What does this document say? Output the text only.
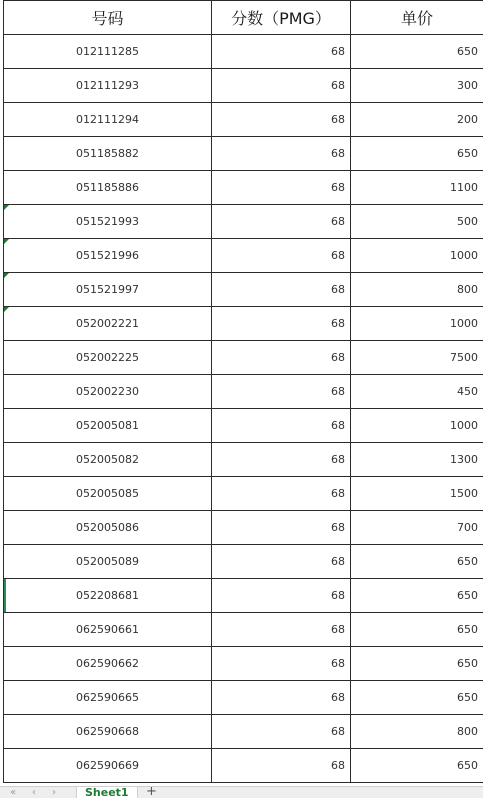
号码	分数（PMG）	单价
012111285	68	650
012111293	68	300
012111294	68	200
051185882	68	650
051185886	68	1100
051521993	68	500
051521996	68	1000
051521997	68	800
052002221	68	1000
052002225	68	7500
052002230	68	450
052005081	68	1000
052005082	68	1300
052005085	68	1500
052005086	68	700
052005089	68	650
052208681	68	650
062590661	68	650
062590662	68	650
062590665	68	650
062590668	68	800
062590669	68	650
« ‹ ›	Sheet1	+
